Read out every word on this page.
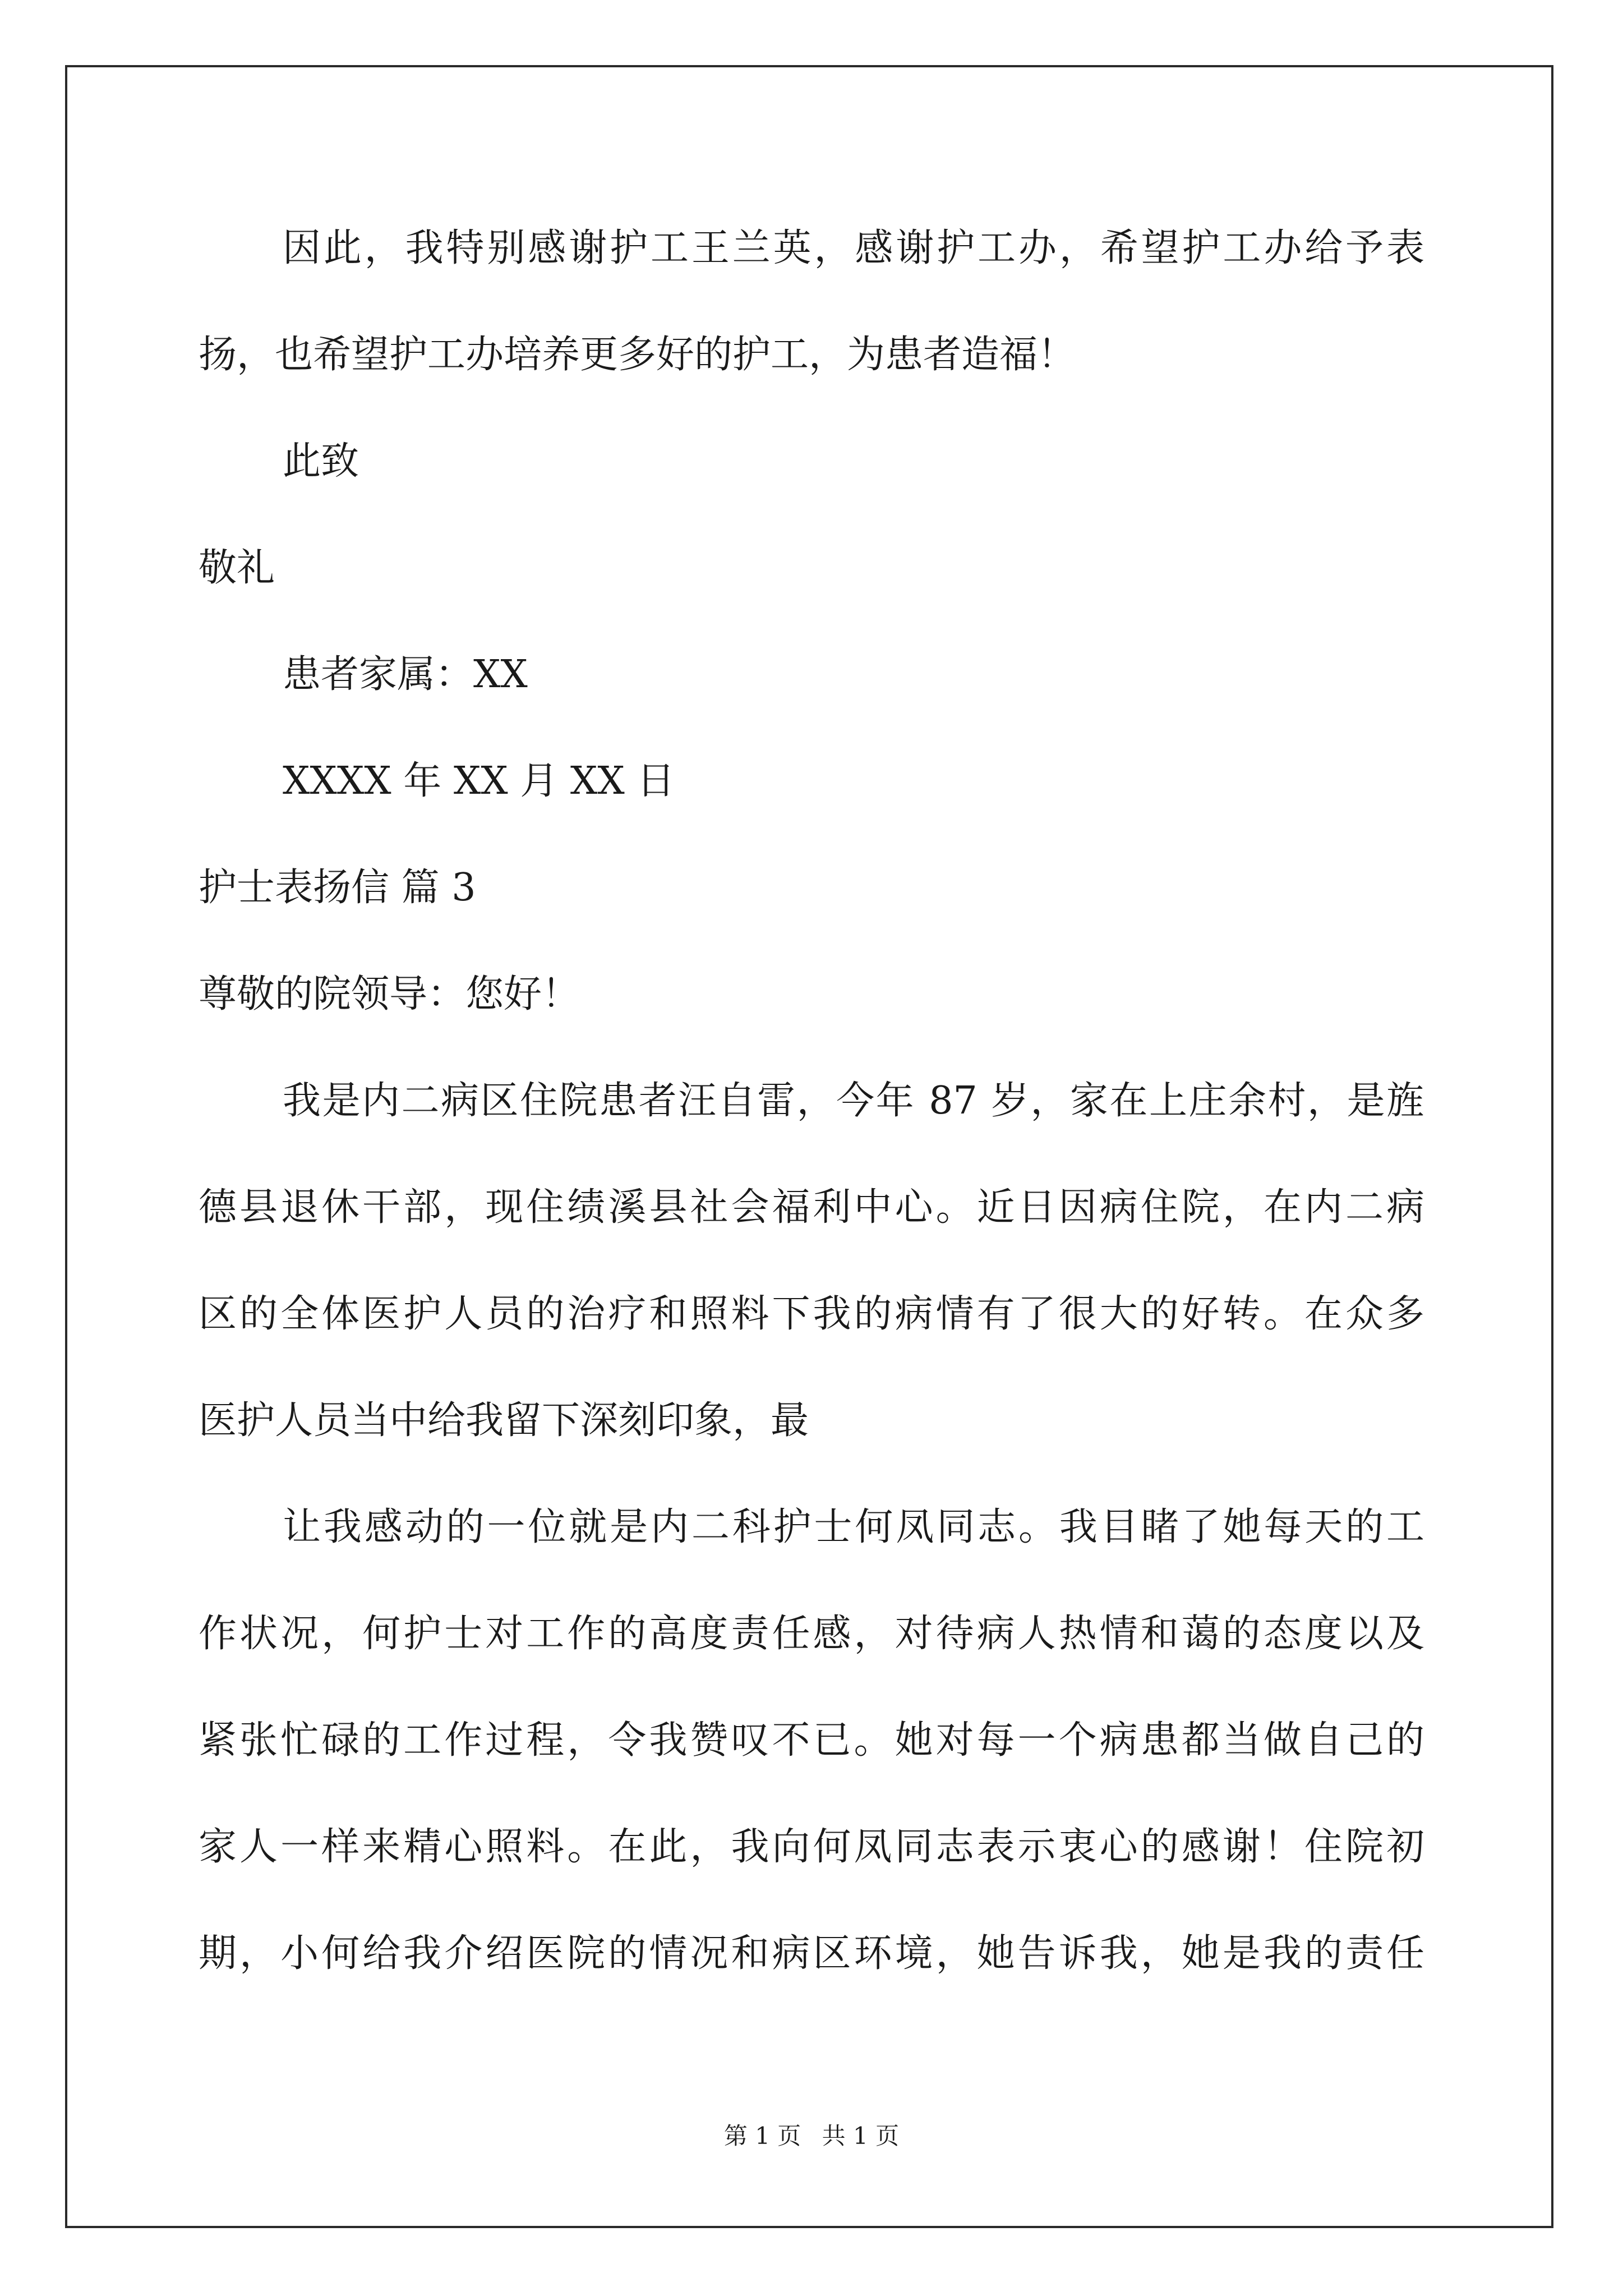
因此，我特别感谢护工王兰英，感谢护工办，希望护工办给予表
扬，也希望护工办培养更多好的护工，为患者造福！
此致
敬礼
患者家属：XX
XXXX 年 XX 月 XX 日
护士表扬信 篇 3
尊敬的院领导：您好！
我是内二病区住院患者汪自雷，今年 87 岁，家在上庄余村，是旌
德县退休干部，现住绩溪县社会福利中心。近日因病住院，在内二病
区的全体医护人员的治疗和照料下我的病情有了很大的好转。在众多
医护人员当中给我留下深刻印象，最
让我感动的一位就是内二科护士何凤同志。我目睹了她每天的工
作状况，何护士对工作的高度责任感，对待病人热情和蔼的态度以及
紧张忙碌的工作过程，令我赞叹不已。她对每一个病患都当做自己的
家人一样来精心照料。在此，我向何凤同志表示衷心的感谢！住院初
期，小何给我介绍医院的情况和病区环境，她告诉我，她是我的责任
第 1 页 共 1 页
